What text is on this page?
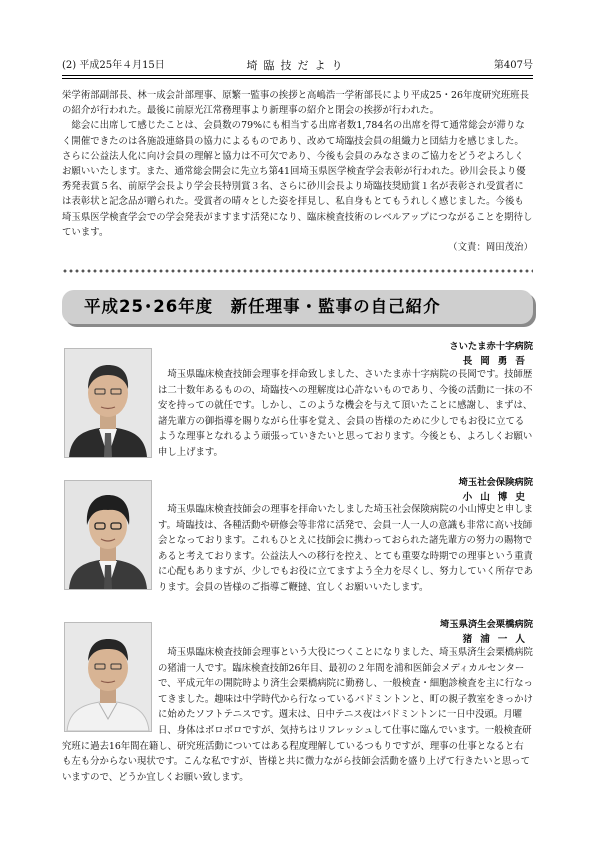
(2) 平成25年４月15日	埼臨技だより	第407号

栄学術部副部長、林一成会計部理事、原繁一監事の挨拶と高嶋浩一学術部長により平成25・26年度研究班班長の紹介が行われた。最後に前原光江常務理事より新理事の紹介と閉会の挨拶が行われた。

　総会に出席して感じたことは、会員数の79%にも相当する出席者数1,784名の出席を得て通常総会が滞りなく開催できたのは各施設連絡員の協力によるものであり、改めて埼臨技会員の組織力と団結力を感じました。さらに公益法人化に向け会員の理解と協力は不可欠であり、今後も会員のみなさまのご協力をどうぞよろしくお願いいたします。また、通常総会開会に先立ち第41回埼玉県医学検査学会表彰が行われた。砂川会長より優秀発表賞５名、前原学会長より学会長特別賞３名、さらに砂川会長より埼臨技奨励賞１名が表彰され受賞者には表彰状と記念品が贈られた。受賞者の晴々とした姿を拝見し、私自身もとてもうれしく感じました。今後も埼玉県医学検査学会での学会発表がますます活発になり、臨床検査技術のレベルアップにつながることを期待しています。

（文責：岡田茂治）

平成25･26年度　新任理事・監事の自己紹介
さいたま赤十字病院
長岡勇吾

　埼玉県臨床検査技師会理事を拝命致しました、さいたま赤十字病院の長岡です。技師歴は二十数年あるものの、埼臨技への理解度は心許ないものであり、今後の活動に一抹の不安を持っての就任です。しかし、このような機会を与えて頂いたことに感謝し、まずは、諸先輩方の御指導を賜りながら仕事を覚え、会員の皆様のために少しでもお役に立てるような理事となれるよう頑張っていきたいと思っております。今後とも、よろしくお願い申し上げます。

埼玉社会保険病院
小山博史

　埼玉県臨床検査技師会の理事を拝命いたしました埼玉社会保険病院の小山博史と申します。埼臨技は、各種活動や研修会等非常に活発で、会員一人一人の意識も非常に高い技師会となっております。これもひとえに技師会に携わっておられた諸先輩方の努力の賜物であると考えております。公益法人への移行を控え、とても重要な時期での理事という重責に心配もありますが、少しでもお役に立てますよう全力を尽くし、努力していく所存であります。会員の皆様のご指導ご鞭撻、宜しくお願いいたします。

埼玉県済生会栗橋病院
猪浦一人

　埼玉県臨床検査技師会理事という大役につくことになりました、埼玉県済生会栗橋病院の猪浦一人です。臨床検査技師26年目、最初の２年間を浦和医師会メディカルセンターで、平成元年の開院時より済生会栗橋病院に勤務し、一般検査・細胞診検査を主に行なってきました。趣味は中学時代から行なっているバドミントンと、町の親子教室をきっかけに始めたソフトテニスです。週末は、日中テニス夜はバドミントンに一日中没頭。月曜日、身体はボロボロですが、気持ちはリフレッシュして仕事に臨んでいます。一般検査研究班に過去16年間在籍し、研究班活動についてはある程度理解しているつもりですが、理事の仕事となると右も左も分からない現状です。こんな私ですが、皆様と共に微力ながら技師会活動を盛り上げて行きたいと思っていますので、どうか宜しくお願い致します。
